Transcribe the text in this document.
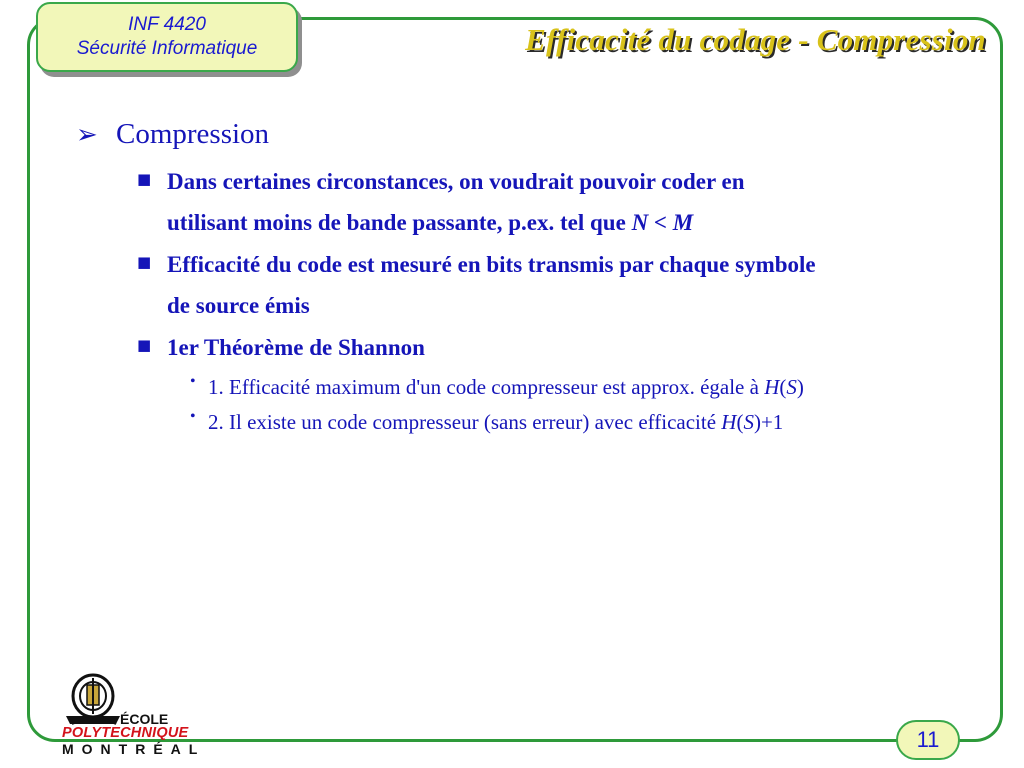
INF 4420
Sécurité Informatique	Efficacité du codage - Compression
➢ Compression
■ Dans certaines circonstances, on voudrait pouvoir coder en
utilisant moins de bande passante, p.ex. tel que N < M
■ Efficacité du code est mesuré en bits transmis par chaque symbole
de source émis
■ 1er Théorème de Shannon
• 1. Efficacité maximum d'un code compresseur est approx. égale à H(S)
• 2. Il existe un code compresseur (sans erreur) avec efficacité H(S)+1
ÉCOLE
POLYTECHNIQUE
MONTRÉAL	11
